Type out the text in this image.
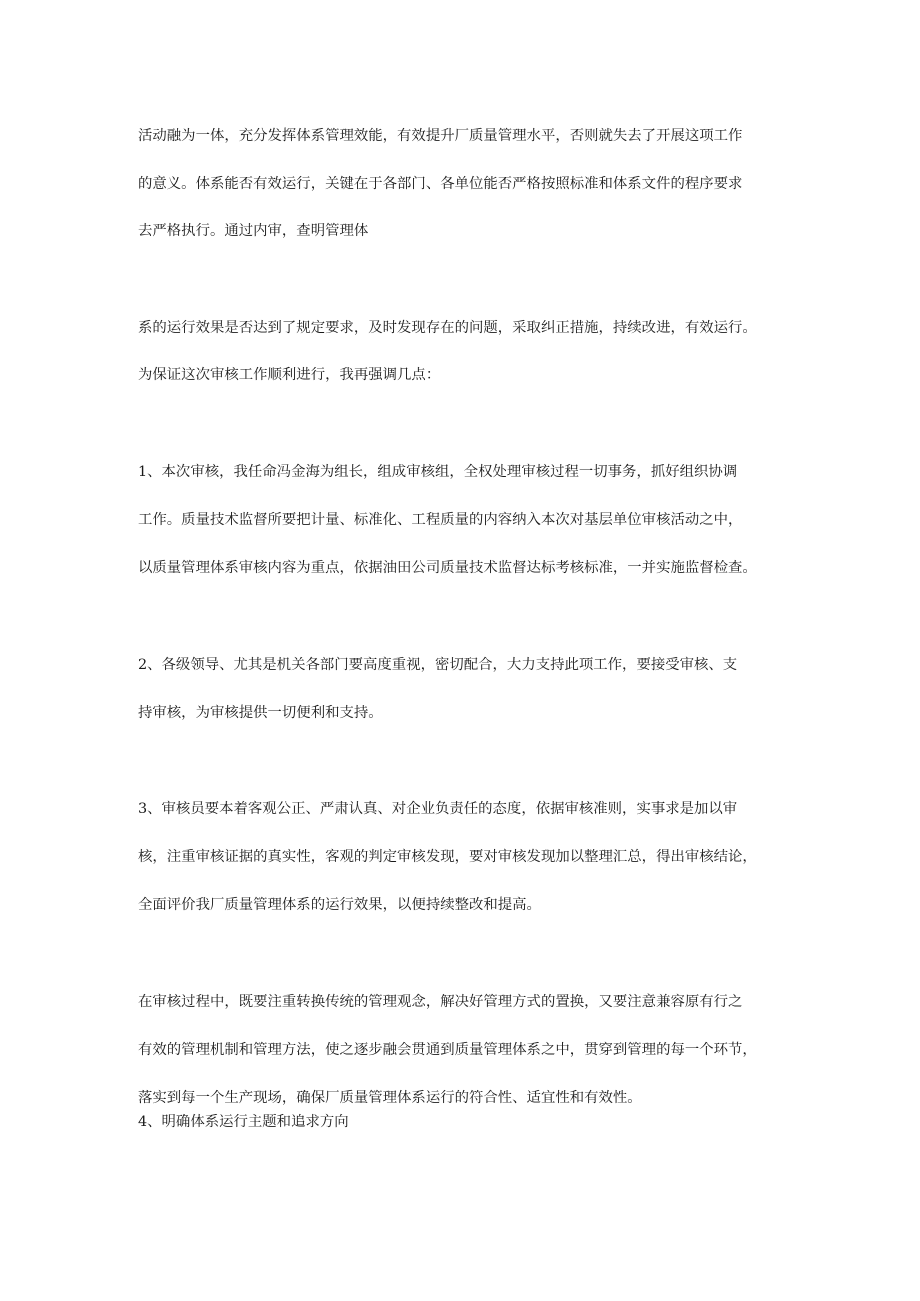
活动融为一体，充分发挥体系管理效能，有效提升厂质量管理水平，否则就失去了开展这项工作
的意义。体系能否有效运行，关键在于各部门、各单位能否严格按照标准和体系文件的程序要求
去严格执行。通过内审，查明管理体
系的运行效果是否达到了规定要求，及时发现存在的问题，采取纠正措施，持续改进，有效运行。
为保证这次审核工作顺利进行，我再强调几点：
1、本次审核，我任命冯金海为组长，组成审核组，全权处理审核过程一切事务，抓好组织协调
工作。质量技术监督所要把计量、标准化、工程质量的内容纳入本次对基层单位审核活动之中，
以质量管理体系审核内容为重点，依据油田公司质量技术监督达标考核标准，一并实施监督检查。
2、各级领导、尤其是机关各部门要高度重视，密切配合，大力支持此项工作，要接受审核、支
持审核，为审核提供一切便利和支持。
3、审核员要本着客观公正、严肃认真、对企业负责任的态度，依据审核准则，实事求是加以审
核，注重审核证据的真实性，客观的判定审核发现，要对审核发现加以整理汇总，得出审核结论，
全面评价我厂质量管理体系的运行效果，以便持续整改和提高。
在审核过程中，既要注重转换传统的管理观念，解决好管理方式的置换，又要注意兼容原有行之
有效的管理机制和管理方法，使之逐步融会贯通到质量管理体系之中，贯穿到管理的每一个环节，
落实到每一个生产现场，确保厂质量管理体系运行的符合性、适宜性和有效性。
4、明确体系运行主题和追求方向
